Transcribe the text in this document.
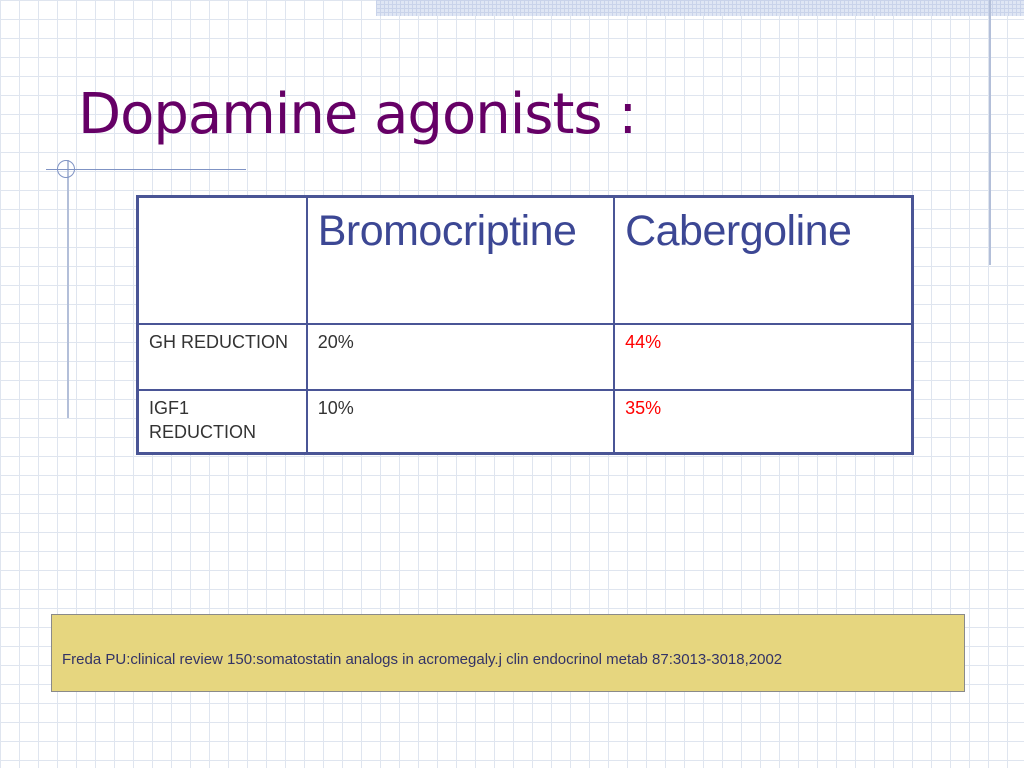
Dopamine agonists :
	Bromocriptine	Cabergoline
GH REDUCTION	20%	44%
IGF1 REDUCTION	10%	35%
Freda PU:clinical review 150:somatostatin analogs in acromegaly.j clin endocrinol metab 87:3013-3018,2002
